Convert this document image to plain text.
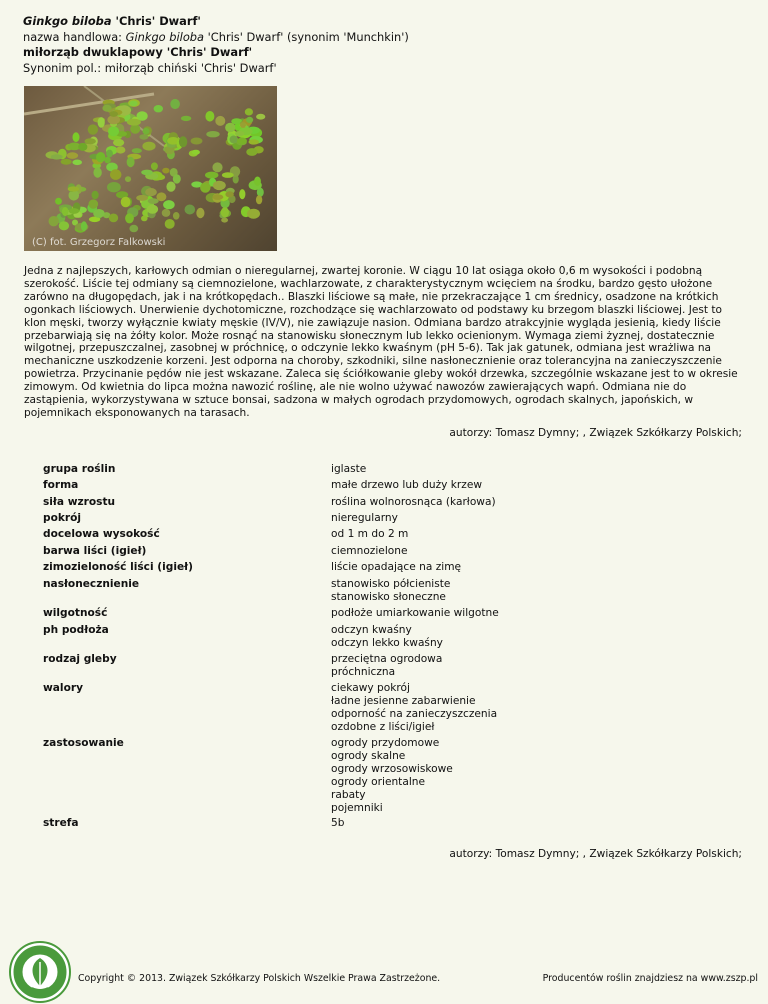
Ginkgo biloba 'Chris' Dwarf'
nazwa handlowa: Ginkgo biloba 'Chris' Dwarf' (synonim 'Munchkin')
miłorząb dwuklapowy 'Chris' Dwarf'
Synonim pol.: miłorząb chiński 'Chris' Dwarf'
(C) fot. Grzegorz Falkowski

Jedna z najlepszych, karłowych odmian o nieregularnej, zwartej koronie. W ciągu 10 lat osiąga około 0,6 m wysokości i podobną szerokość. Liście tej odmiany są ciemnozielone, wachlarzowate, z charakterystycznym wcięciem na środku, bardzo gęsto ułożone zarówno na długopędach, jak i na krótkopędach.. Blaszki liściowe są małe, nie przekraczające 1 cm średnicy, osadzone na krótkich ogonkach liściowych. Unerwienie dychotomiczne, rozchodzące się wachlarzowato od podstawy ku brzegom blaszki liściowej. Jest to klon męski, tworzy wyłącznie kwiaty męskie (IV/V), nie zawiązuje nasion. Odmiana bardzo atrakcyjnie wygląda jesienią, kiedy liście przebarwiają się na żółty kolor. Może rosnąć na stanowisku słonecznym lub lekko ocienionym. Wymaga ziemi żyznej, dostatecznie wilgotnej, przepuszczalnej, zasobnej w próchnicę, o odczynie lekko kwaśnym (pH 5-6). Tak jak gatunek, odmiana jest wrażliwa na mechaniczne uszkodzenie korzeni. Jest odporna na choroby, szkodniki, silne nasłonecznienie oraz tolerancyjna na zanieczyszczenie powietrza. Przycinanie pędów nie jest wskazane. Zaleca się ściółkowanie gleby wokół drzewka, szczególnie wskazane jest to w okresie zimowym. Od kwietnia do lipca można nawozić roślinę, ale nie wolno używać nawozów zawierających wapń. Odmiana nie do zastąpienia, wykorzystywana w sztuce bonsai, sadzona w małych ogrodach przydomowych, ogrodach skalnych, japońskich, w pojemnikach eksponowanych na tarasach.

autorzy: Tomasz Dymny; , Związek Szkółkarzy Polskich;
grupa roślin	iglaste
forma	małe drzewo lub duży krzew
siła wzrostu	roślina wolnorosnąca (karłowa)
pokrój	nieregularny
docelowa wysokość	od 1 m do 2 m
barwa liści (igieł)	ciemnozielone
zimozieloność liści (igieł)	liście opadające na zimę
nasłonecznienie	stanowisko półcieniste
stanowisko słoneczne
wilgotność	podłoże umiarkowanie wilgotne
ph podłoża	odczyn kwaśny
odczyn lekko kwaśny
rodzaj gleby	przeciętna ogrodowa
próchniczna
walory	ciekawy pokrój
ładne jesienne zabarwienie
odporność na zanieczyszczenia
ozdobne z liści/igieł
zastosowanie	ogrody przydomowe
ogrody skalne
ogrody wrzosowiskowe
ogrody orientalne
rabaty
pojemniki
strefa	5b
autorzy: Tomasz Dymny; , Związek Szkółkarzy Polskich;
Copyright © 2013. Związek Szkółkarzy Polskich Wszelkie Prawa Zastrzeżone.	Producentów roślin znajdziesz na www.zszp.pl
